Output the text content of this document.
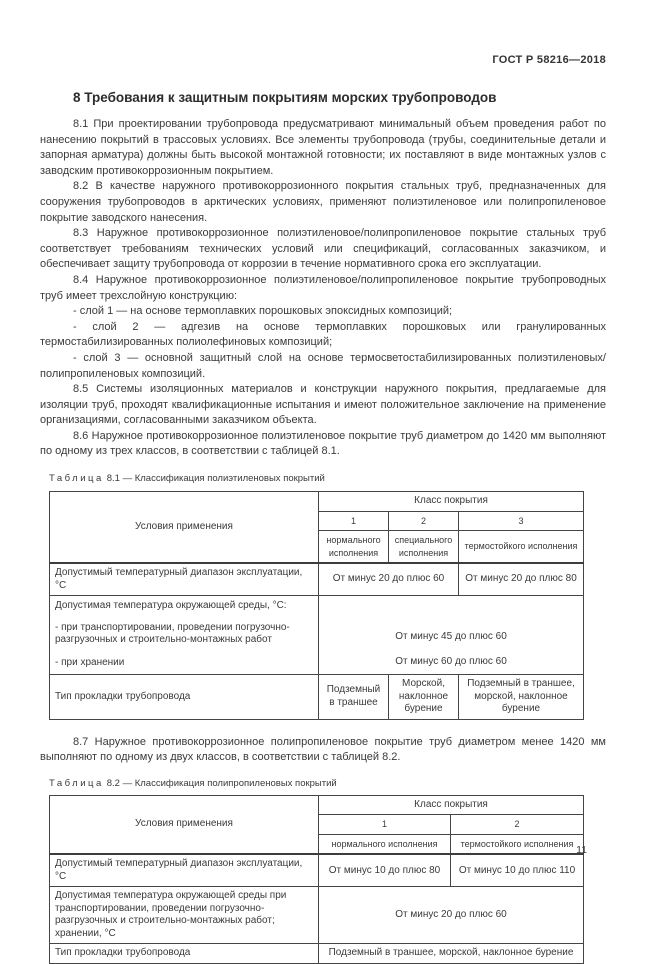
ГОСТ Р 58216—2018
8 Требования к защитным покрытиям морских трубопроводов

8.1 При проектировании трубопровода предусматривают минимальный объем проведения работ по нанесению покрытий в трассовых условиях. Все элементы трубопровода (трубы, соединительные детали и запорная арматура) должны быть высокой монтажной готовности; их поставляют в виде монтажных узлов с заводским противокоррозионным покрытием.

8.2 В качестве наружного противокоррозионного покрытия стальных труб, предназначенных для сооружения трубопроводов в арктических условиях, применяют полиэтиленовое или полипропиленовое покрытие заводского нанесения.

8.3 Наружное противокоррозионное полиэтиленовое/полипропиленовое покрытие стальных труб соответствует требованиям технических условий или спецификаций, согласованных заказчиком, и обеспечивает защиту трубопровода от коррозии в течение нормативного срока его эксплуатации.

8.4 Наружное противокоррозионное полиэтиленовое/полипропиленовое покрытие трубопроводных труб имеет трехслойную конструкцию:

- слой 1 — на основе термоплавких порошковых эпоксидных композиций;

- слой 2 — адгезив на основе термоплавких порошковых или гранулированных термостабилизированных полиолефиновых композиций;

- слой 3 — основной защитный слой на основе термосветостабилизированных полиэтиленовых/полипропиленовых композиций.

8.5 Системы изоляционных материалов и конструкции наружного покрытия, предлагаемые для изоляции труб, проходят квалификационные испытания и имеют положительное заключение на применение организациями, согласованными заказчиком объекта.

8.6 Наружное противокоррозионное полиэтиленовое покрытие труб диаметром до 1420 мм выполняют по одному из трех классов, в соответствии с таблицей 8.1.

Таблица 8.1 — Классификация полиэтиленовых покрытий
Условия применения	Класс покрытия		
	1	2	3
	нормального исполнения	специального исполнения	термостойкого исполнения
Допустимый температурный диапазон эксплуатации, °С	От минус 20 до плюс 60		От минус 20 до плюс 80

Допустимая температура окружающей среды, °С:
- при транспортировании, проведении погрузочно-разгрузочных и строительно-монтажных работ
- при хранении

От минус 45 до плюс 60
От минус 60 до плюс 60

Тип прокладки трубопровода	Подземный в траншее	Морской, наклонное бурение	Подземный в траншее, морской, наклонное бурение

8.7 Наружное противокоррозионное полипропиленовое покрытие труб диаметром менее 1420 мм выполняют по одному из двух классов, в соответствии с таблицей 8.2.

Таблица 8.2 — Классификация полипропиленовых покрытий
Условия применения	Класс покрытия	
	1	2
	нормального исполнения	термостойкого исполнения
Допустимый температурный диапазон эксплуатации, °С	От минус 10 до плюс 80	От минус 10 до плюс 110
Допустимая температура окружающей среды при транспортировании, проведении погрузочно-разгрузочных и строительно-монтажных работ; хранении, °С	От минус 20 до плюс 60	
Тип прокладки трубопровода	Подземный в траншее, морской, наклонное бурение	
11
